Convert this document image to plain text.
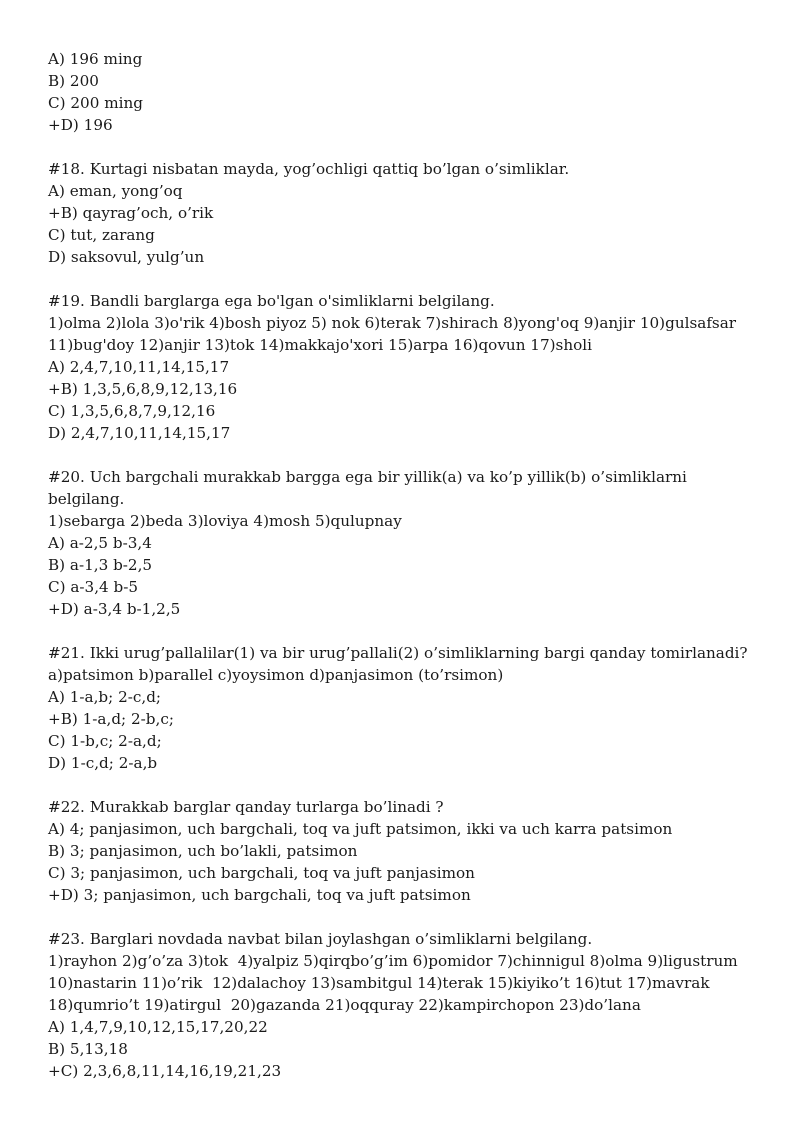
A) 196 ming
B) 200
C) 200 ming
+D) 196
#18. Kurtagi nisbatan mayda, yog’ochligi qattiq bo’lgan o’simliklar.
A) eman, yong’oq
+B) qayrag’och, o’rik
C) tut, zarang
D) saksovul, yulg’un
#19. Bandli barglarga ega bo'lgan o'simliklarni belgilang.
1)olma 2)lola 3)o'rik 4)bosh piyoz 5) nok 6)terak 7)shirach 8)yong'oq 9)anjir 10)gulsafsar
11)bug'doy 12)anjir 13)tok 14)makkajo'xori 15)arpa 16)qovun 17)sholi
A) 2,4,7,10,11,14,15,17
+B) 1,3,5,6,8,9,12,13,16
C) 1,3,5,6,8,7,9,12,16
D) 2,4,7,10,11,14,15,17
#20. Uch bargchali murakkab bargga ega bir yillik(a) va ko’p yillik(b) o’simliklarni
belgilang.
1)sebarga 2)beda 3)loviya 4)mosh 5)qulupnay
A) a-2,5 b-3,4
B) a-1,3 b-2,5
C) a-3,4 b-5
+D) a-3,4 b-1,2,5
#21. Ikki urug’pallalilar(1) va bir urug’pallali(2) o’simliklarning bargi qanday tomirlanadi?
a)patsimon b)parallel c)yoysimon d)panjasimon (to’rsimon)
A) 1-a,b; 2-c,d;
+B) 1-a,d; 2-b,c;
C) 1-b,c; 2-a,d;
D) 1-c,d; 2-a,b
#22. Murakkab barglar qanday turlarga bo’linadi ?
A) 4; panjasimon, uch bargchali, toq va juft patsimon, ikki va uch karra patsimon
B) 3; panjasimon, uch bo’lakli, patsimon
C) 3; panjasimon, uch bargchali, toq va juft panjasimon
+D) 3; panjasimon, uch bargchali, toq va juft patsimon
#23. Barglari novdada navbat bilan joylashgan o’simliklarni belgilang.
1)rayhon 2)g’o’za 3)tok  4)yalpiz 5)qirqbo’g’im 6)pomidor 7)chinnigul 8)olma 9)ligustrum
10)nastarin 11)o’rik  12)dalachoy 13)sambitgul 14)terak 15)kiyiko’t 16)tut 17)mavrak
18)qumrio’t 19)atirgul  20)gazanda 21)oqquray 22)kampirchopon 23)do’lana
A) 1,4,7,9,10,12,15,17,20,22
B) 5,13,18
+C) 2,3,6,8,11,14,16,19,21,23
